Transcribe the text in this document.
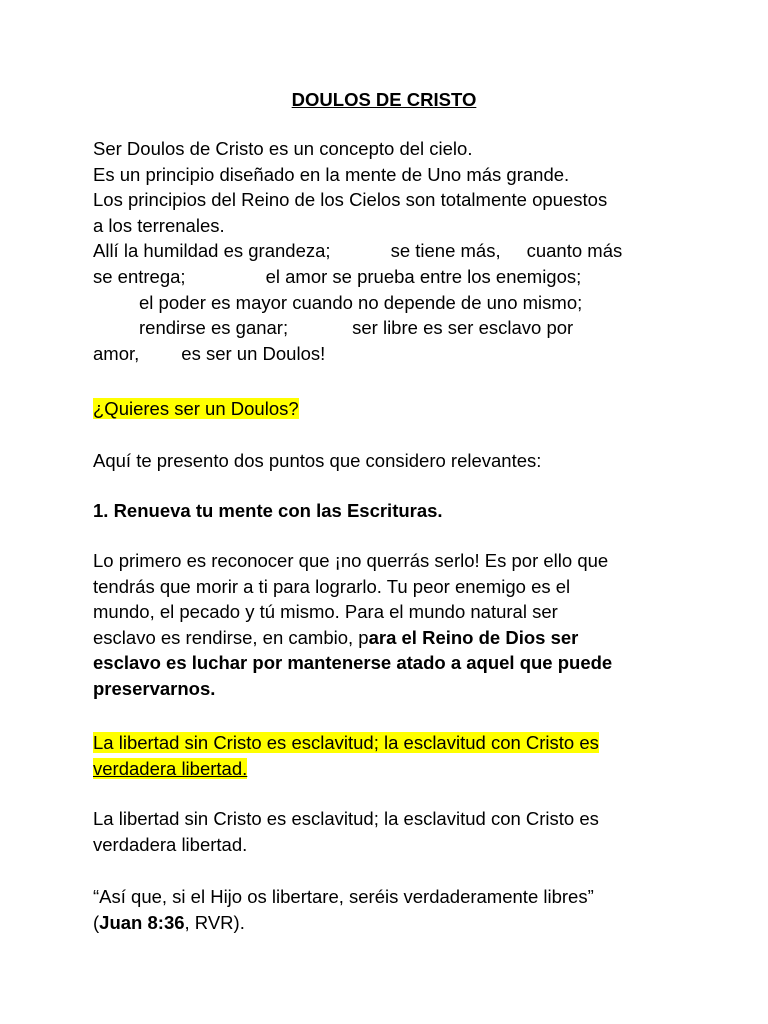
DOULOS DE CRISTO
Ser Doulos de Cristo es un concepto del cielo.
Es un principio diseñado en la mente de Uno más grande.
Los principios del Reino de los Cielos son totalmente opuestos
a los terrenales.
Allí la humildad es grandeza;	se tiene más, cuanto más
se entrega;	el amor se prueba entre los enemigos;
el poder es mayor cuando no depende de uno mismo;
rendirse es ganar;	ser libre es ser esclavo por
amor, es ser un Doulos!
¿Quieres ser un Doulos?
Aquí te presento dos puntos que considero relevantes:
1. Renueva tu mente con las Escrituras.
Lo primero es reconocer que ¡no querrás serlo! Es por ello que
tendrás que morir a ti para lograrlo. Tu peor enemigo es el
mundo, el pecado y tú mismo. Para el mundo natural ser
esclavo es rendirse, en cambio, para el Reino de Dios ser
esclavo es luchar por mantenerse atado a aquel que puede
preservarnos.
La libertad sin Cristo es esclavitud; la esclavitud con Cristo es
verdadera libertad.
La libertad sin Cristo es esclavitud; la esclavitud con Cristo es
verdadera libertad.
“Así que, si el Hijo os libertare, seréis verdaderamente libres”
(Juan 8:36, RVR).
